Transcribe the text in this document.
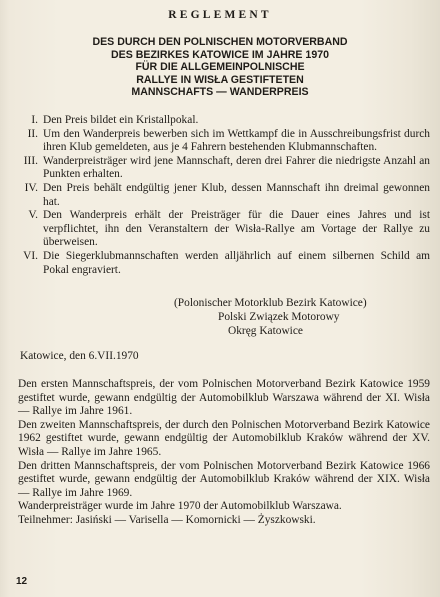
REGLEMENT
DES DURCH DEN POLNISCHEN MOTORVERBAND
DES BEZIRKES KATOWICE IM JAHRE 1970
FÜR DIE ALLGEMEINPOLNISCHE
RALLYE IN WISŁA GESTIFTETEN
MANNSCHAFTS — WANDERPREIS
I. Den Preis bildet ein Kristallpokal.
II. Um den Wanderpreis bewerben sich im Wettkampf die in Ausschreibungsfrist durch ihren Klub gemeldeten, aus je 4 Fahrern bestehenden Klubmannschaften.
III. Wanderpreisträger wird jene Mannschaft, deren drei Fahrer die niedrigste Anzahl an Punkten erhalten.
IV. Den Preis behält endgültig jener Klub, dessen Mannschaft ihn dreimal gewonnen hat.
V. Den Wanderpreis erhält der Preisträger für die Dauer eines Jahres und ist verpflichtet, ihn den Veranstaltern der Wisła-Rallye am Vortage der Rallye zu überweisen.
VI. Die Siegerklubmannschaften werden alljährlich auf einem silbernen Schild am Pokal engraviert.
(Polonischer Motorklub Bezirk Katowice)
Polski Związek Motorowy
Okręg Katowice
Katowice, den 6.VII.1970

Den ersten Mannschaftspreis, der vom Polnischen Motorverband Bezirk Katowice 1959 gestiftet wurde, gewann endgültig der Automobilklub Warszawa während der XI. Wisła — Rallye im Jahre 1961.

Den zweiten Mannschaftspreis, der durch den Polnischen Motorverband Bezirk Katowice 1962 gestiftet wurde, gewann endgültig der Automobilklub Kraków während der XV. Wisła — Rallye im Jahre 1965.

Den dritten Mannschaftspreis, der vom Polnischen Motorverband Bezirk Katowice 1966 gestiftet wurde, gewann endgültig der Automobilklub Kraków während der XIX. Wisła — Rallye im Jahre 1969.

Wanderpreisträger wurde im Jahre 1970 der Automobilklub Warszawa.

Teilnehmer: Jasiński — Varisella — Komornicki — Żyszkowski.

12
